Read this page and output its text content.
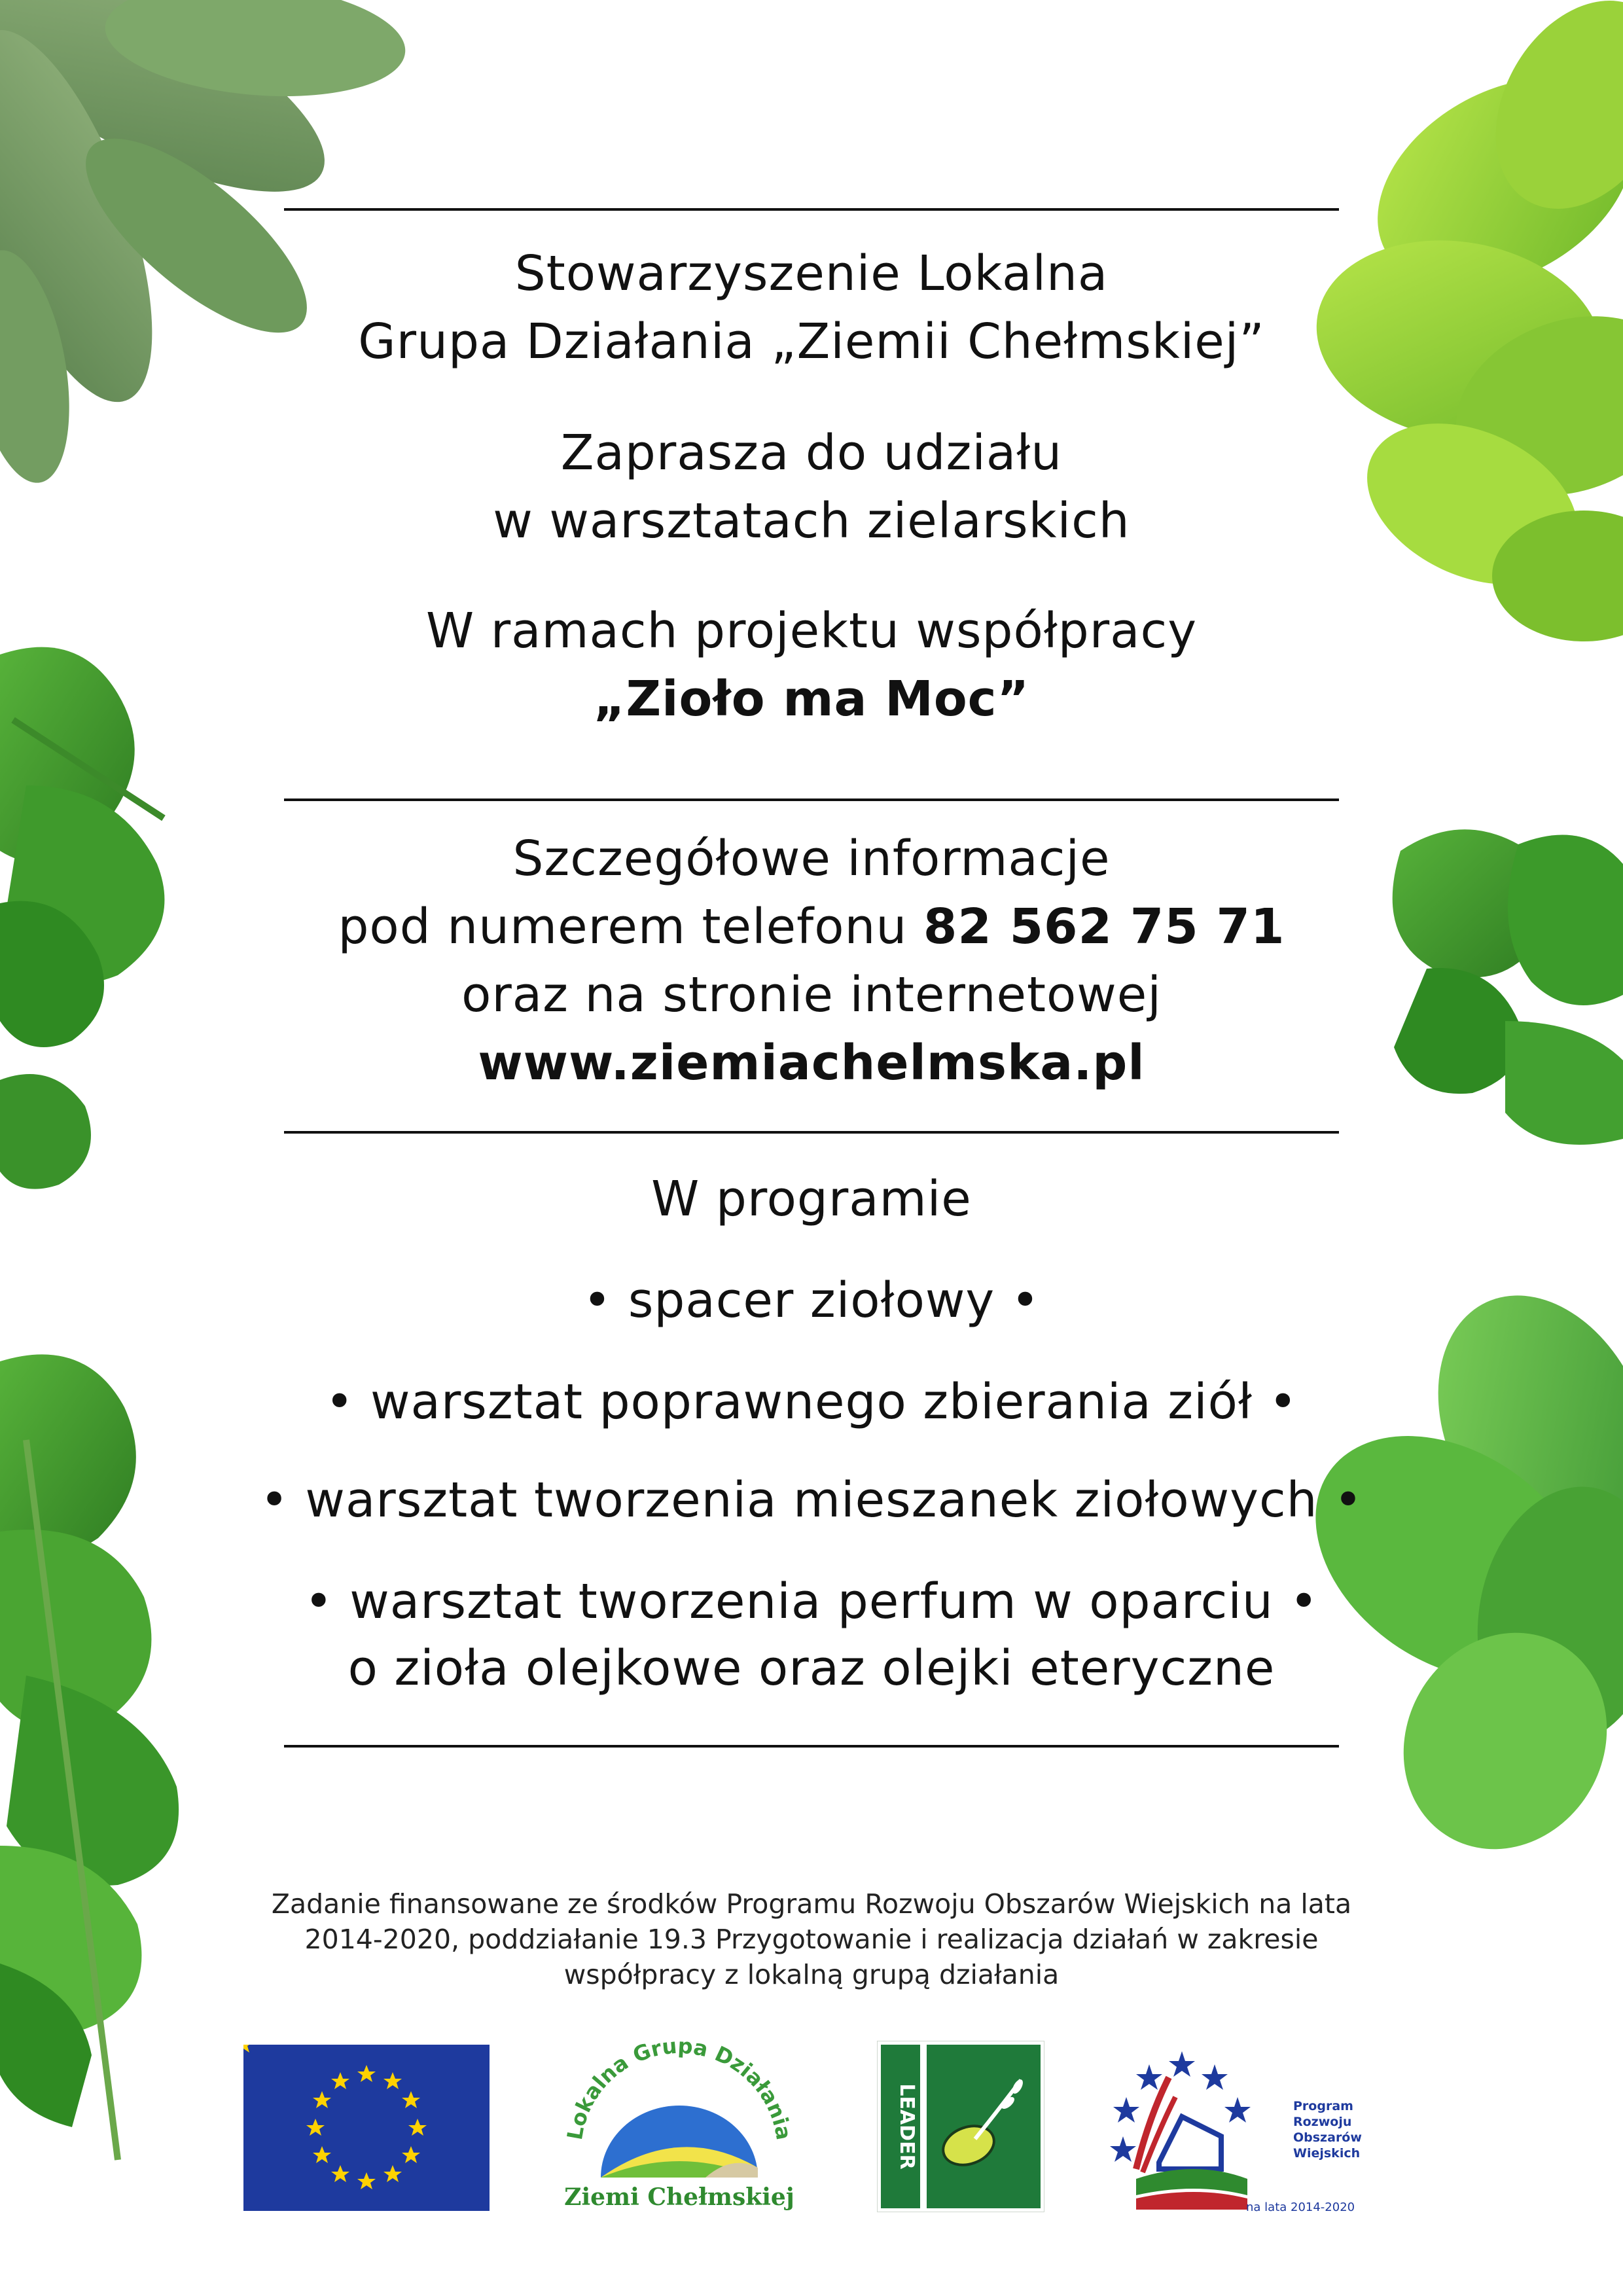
Stowarzyszenie Lokalna
Grupa Działania „Ziemii Chełmskiej”
Zaprasza do udziału
w warsztatach zielarskich
W ramach projektu współpracy
„Zioło ma Moc”
Szczegółowe informacje
pod numerem telefonu 82 562 75 71
oraz na stronie internetowej
www.ziemiachelmska.pl
W programie
• spacer ziołowy •
• warsztat poprawnego zbierania ziół •
• warsztat tworzenia mieszanek ziołowych •
• warsztat tworzenia perfum w oparciu •
o zioła olejkowe oraz olejki eteryczne
Zadanie finansowane ze środków Programu Rozwoju Obszarów Wiejskich na lata
2014-2020, poddziałanie 19.3 Przygotowanie i realizacja działań w zakresie
współpracy z lokalną grupą działania
Lokalna Grupa Działania
Ziemi Chełmskiej
LEADER	Program
Rozwoju
Obszarów
Wiejskich
na lata 2014-2020
